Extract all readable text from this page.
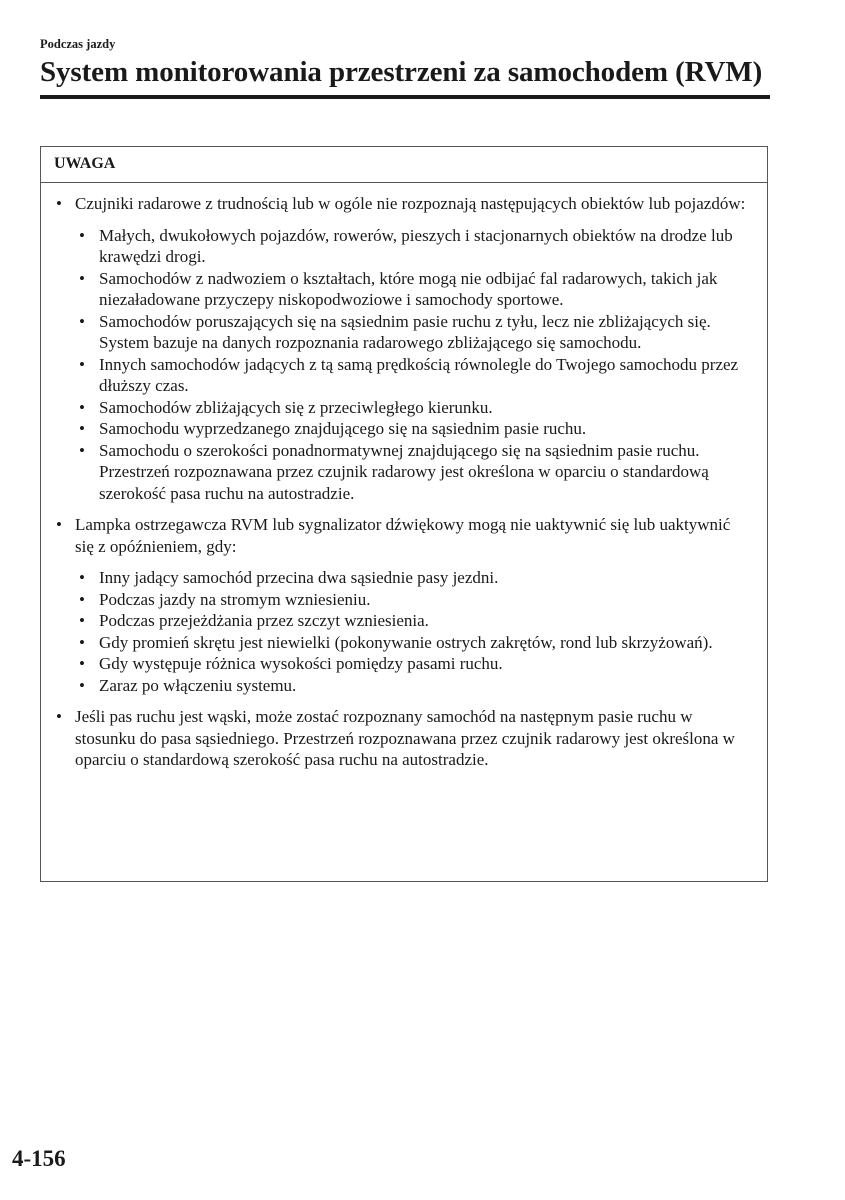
Podczas jazdy
System monitorowania przestrzeni za samochodem (RVM)
UWAGA
• Czujniki radarowe z trudnością lub w ogóle nie rozpoznają następujących obiektów lub pojazdów:
• Małych, dwukołowych pojazdów, rowerów, pieszych i stacjonarnych obiektów na drodze lub krawędzi drogi.
• Samochodów z nadwoziem o kształtach, które mogą nie odbijać fal radarowych, takich jak niezaładowane przyczepy niskopodwoziowe i samochody sportowe.
• Samochodów poruszających się na sąsiednim pasie ruchu z tyłu, lecz nie zbliżających się. System bazuje na danych rozpoznania radarowego zbliżającego się samochodu.
• Innych samochodów jadących z tą samą prędkością równolegle do Twojego samochodu przez dłuższy czas.
• Samochodów zbliżających się z przeciwległego kierunku.
• Samochodu wyprzedzanego znajdującego się na sąsiednim pasie ruchu.
• Samochodu o szerokości ponadnormatywnej znajdującego się na sąsiednim pasie ruchu. Przestrzeń rozpoznawana przez czujnik radarowy jest określona w oparciu o standardową szerokość pasa ruchu na autostradzie.
• Lampka ostrzegawcza RVM lub sygnalizator dźwiękowy mogą nie uaktywnić się lub uaktywnić się z opóźnieniem, gdy:
• Inny jadący samochód przecina dwa sąsiednie pasy jezdni.
• Podczas jazdy na stromym wzniesieniu.
• Podczas przejeżdżania przez szczyt wzniesienia.
• Gdy promień skrętu jest niewielki (pokonywanie ostrych zakrętów, rond lub skrzyżowań).
• Gdy występuje różnica wysokości pomiędzy pasami ruchu.
• Zaraz po włączeniu systemu.
• Jeśli pas ruchu jest wąski, może zostać rozpoznany samochód na następnym pasie ruchu w stosunku do pasa sąsiedniego. Przestrzeń rozpoznawana przez czujnik radarowy jest określona w oparciu o standardową szerokość pasa ruchu na autostradzie.
4-156
